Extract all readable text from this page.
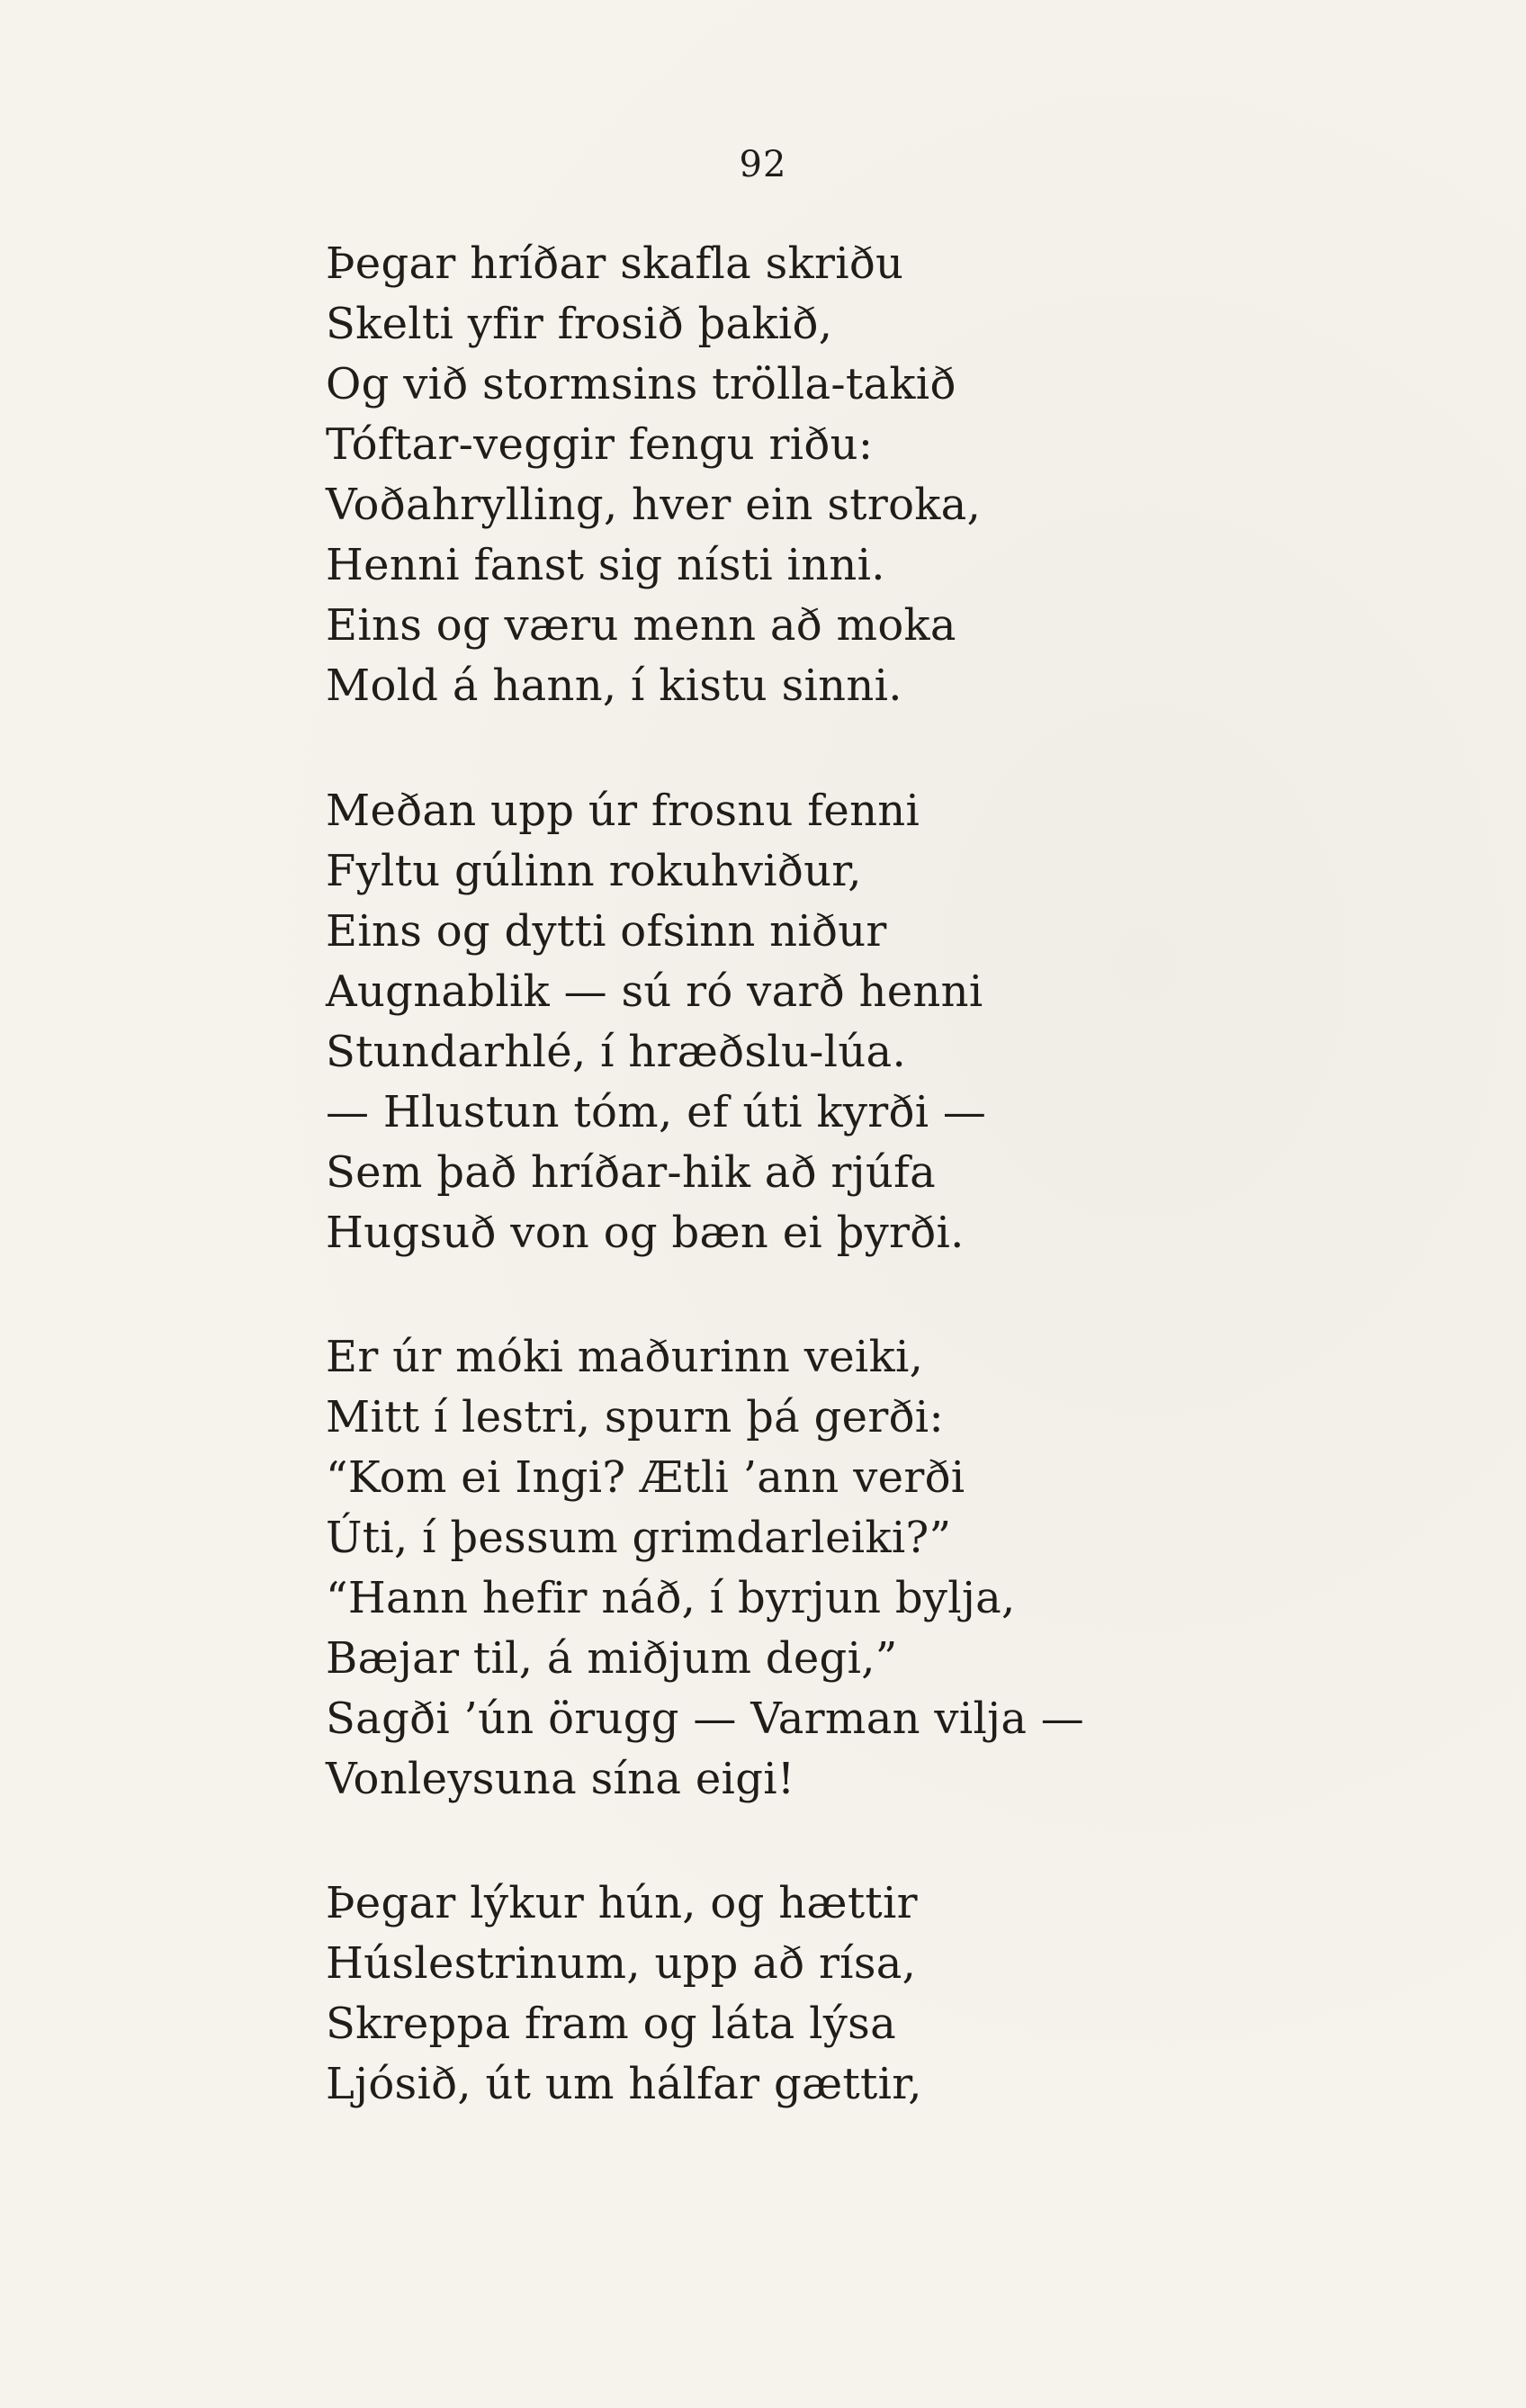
92
Þegar hríðar skafla skriðu
Skelti yfir frosið þakið,
Og við stormsins trölla-takið
Tóftar-veggir fengu riðu:
Voðahrylling, hver ein stroka,
Henni fanst sig nísti inni.
Eins og væru menn að moka
Mold á hann, í kistu sinni.
Meðan upp úr frosnu fenni
Fyltu gúlinn rokuhviður,
Eins og dytti ofsinn niður
Augnablik — sú ró varð henni
Stundarhlé, í hræðslu-lúa.
— Hlustun tóm, ef úti kyrði —
Sem það hríðar-hik að rjúfa
Hugsuð von og bæn ei þyrði.
Er úr móki maðurinn veiki,
Mitt í lestri, spurn þá gerði:
“Kom ei Ingi? Ætli ’ann verði
Úti, í þessum grimdarleiki?”
“Hann hefir náð, í byrjun bylja,
Bæjar til, á miðjum degi,”
Sagði ’ún örugg — Varman vilja —
Vonleysuna sína eigi!
Þegar lýkur hún, og hættir
Húslestrinum, upp að rísa,
Skreppa fram og láta lýsa
Ljósið, út um hálfar gættir,
